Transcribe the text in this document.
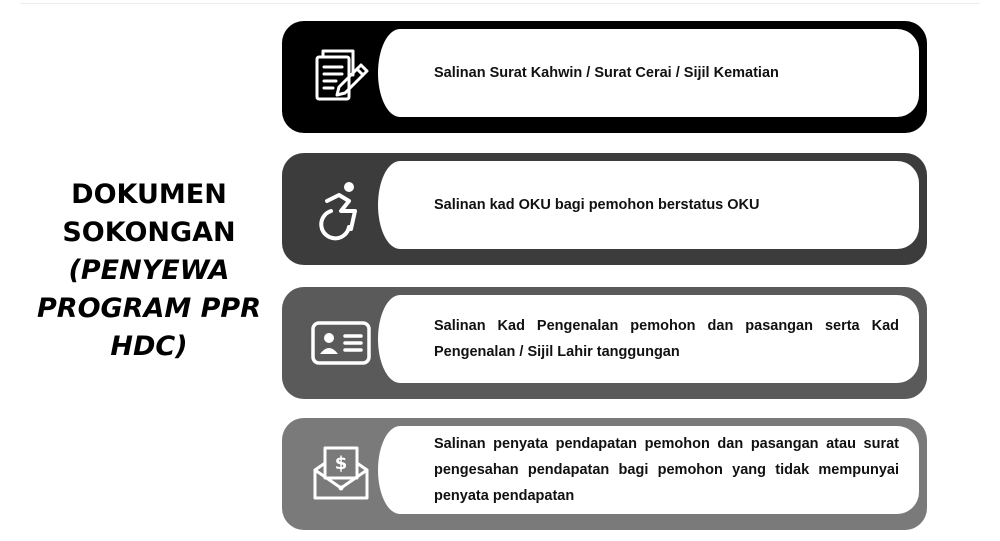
DOKUMEN
SOKONGAN
(PENYEWA
PROGRAM PPR
HDC)
Salinan Surat Kahwin / Surat Cerai / Sijil Kematian
Salinan kad OKU bagi pemohon berstatus OKU
Salinan Kad Pengenalan pemohon dan pasangan serta Kad Pengenalan / Sijil Lahir tanggungan
$
Salinan penyata pendapatan pemohon dan pasangan atau surat pengesahan pendapatan bagi pemohon yang tidak mempunyai penyata pendapatan
